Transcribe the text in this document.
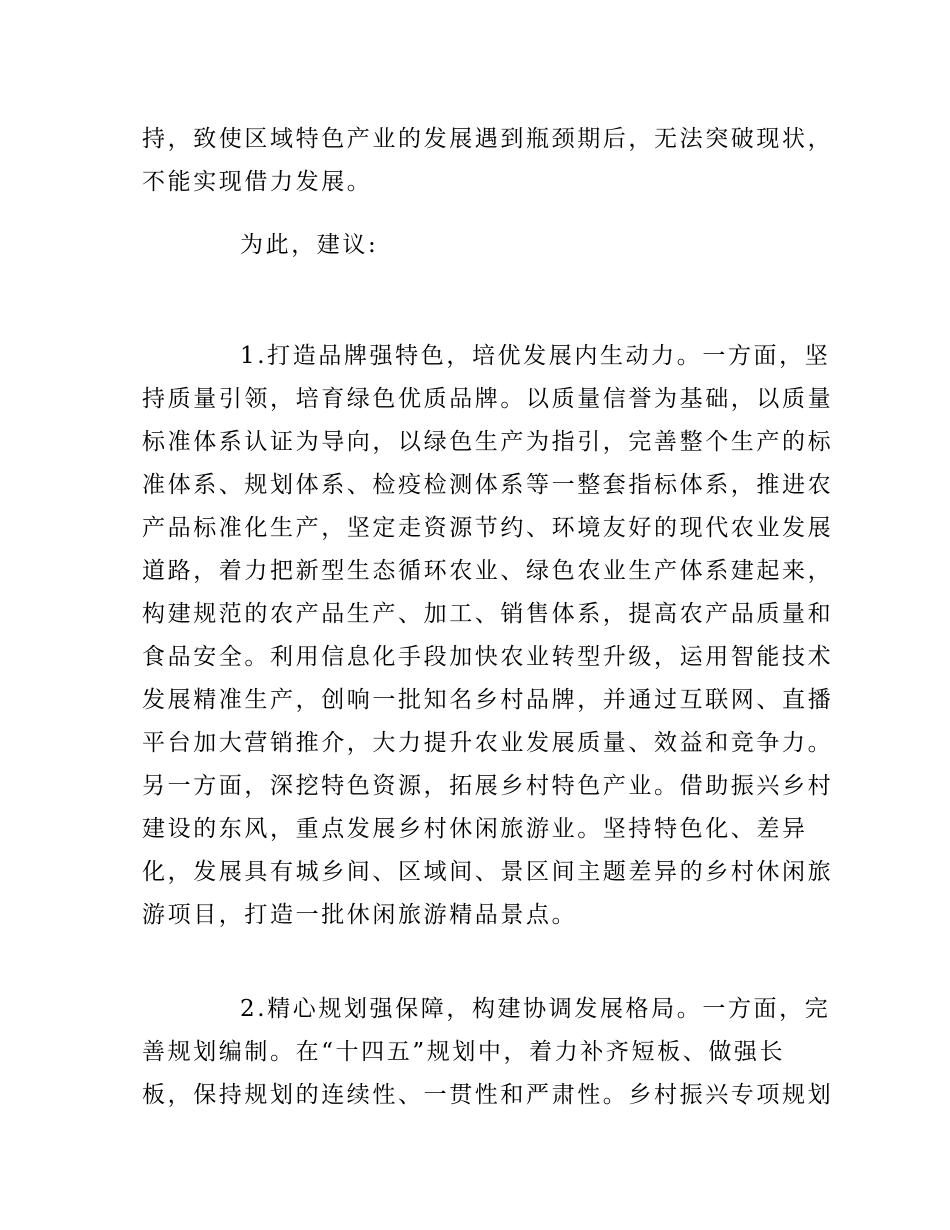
持，致使区域特色产业的发展遇到瓶颈期后，无法突破现状，
不能实现借力发展。
为此，建议:
1.打造品牌强特色，培优发展内生动力。一方面，坚
持质量引领，培育绿色优质品牌。以质量信誉为基础，以质量
标准体系认证为导向，以绿色生产为指引，完善整个生产的标
准体系、规划体系、检疫检测体系等一整套指标体系，推进农
产品标准化生产，坚定走资源节约、环境友好的现代农业发展
道路，着力把新型生态循环农业、绿色农业生产体系建起来，
构建规范的农产品生产、加工、销售体系，提高农产品质量和
食品安全。利用信息化手段加快农业转型升级，运用智能技术
发展精准生产，创响一批知名乡村品牌，并通过互联网、直播
平台加大营销推介，大力提升农业发展质量、效益和竞争力。
另一方面，深挖特色资源，拓展乡村特色产业。借助振兴乡村
建设的东风，重点发展乡村休闲旅游业。坚持特色化、差异
化，发展具有城乡间、区域间、景区间主题差异的乡村休闲旅
游项目，打造一批休闲旅游精品景点。
2.精心规划强保障，构建协调发展格局。一方面，完
善规划编制。在“十四五”规划中，着力补齐短板、做强长
板，保持规划的连续性、一贯性和严肃性。乡村振兴专项规划
